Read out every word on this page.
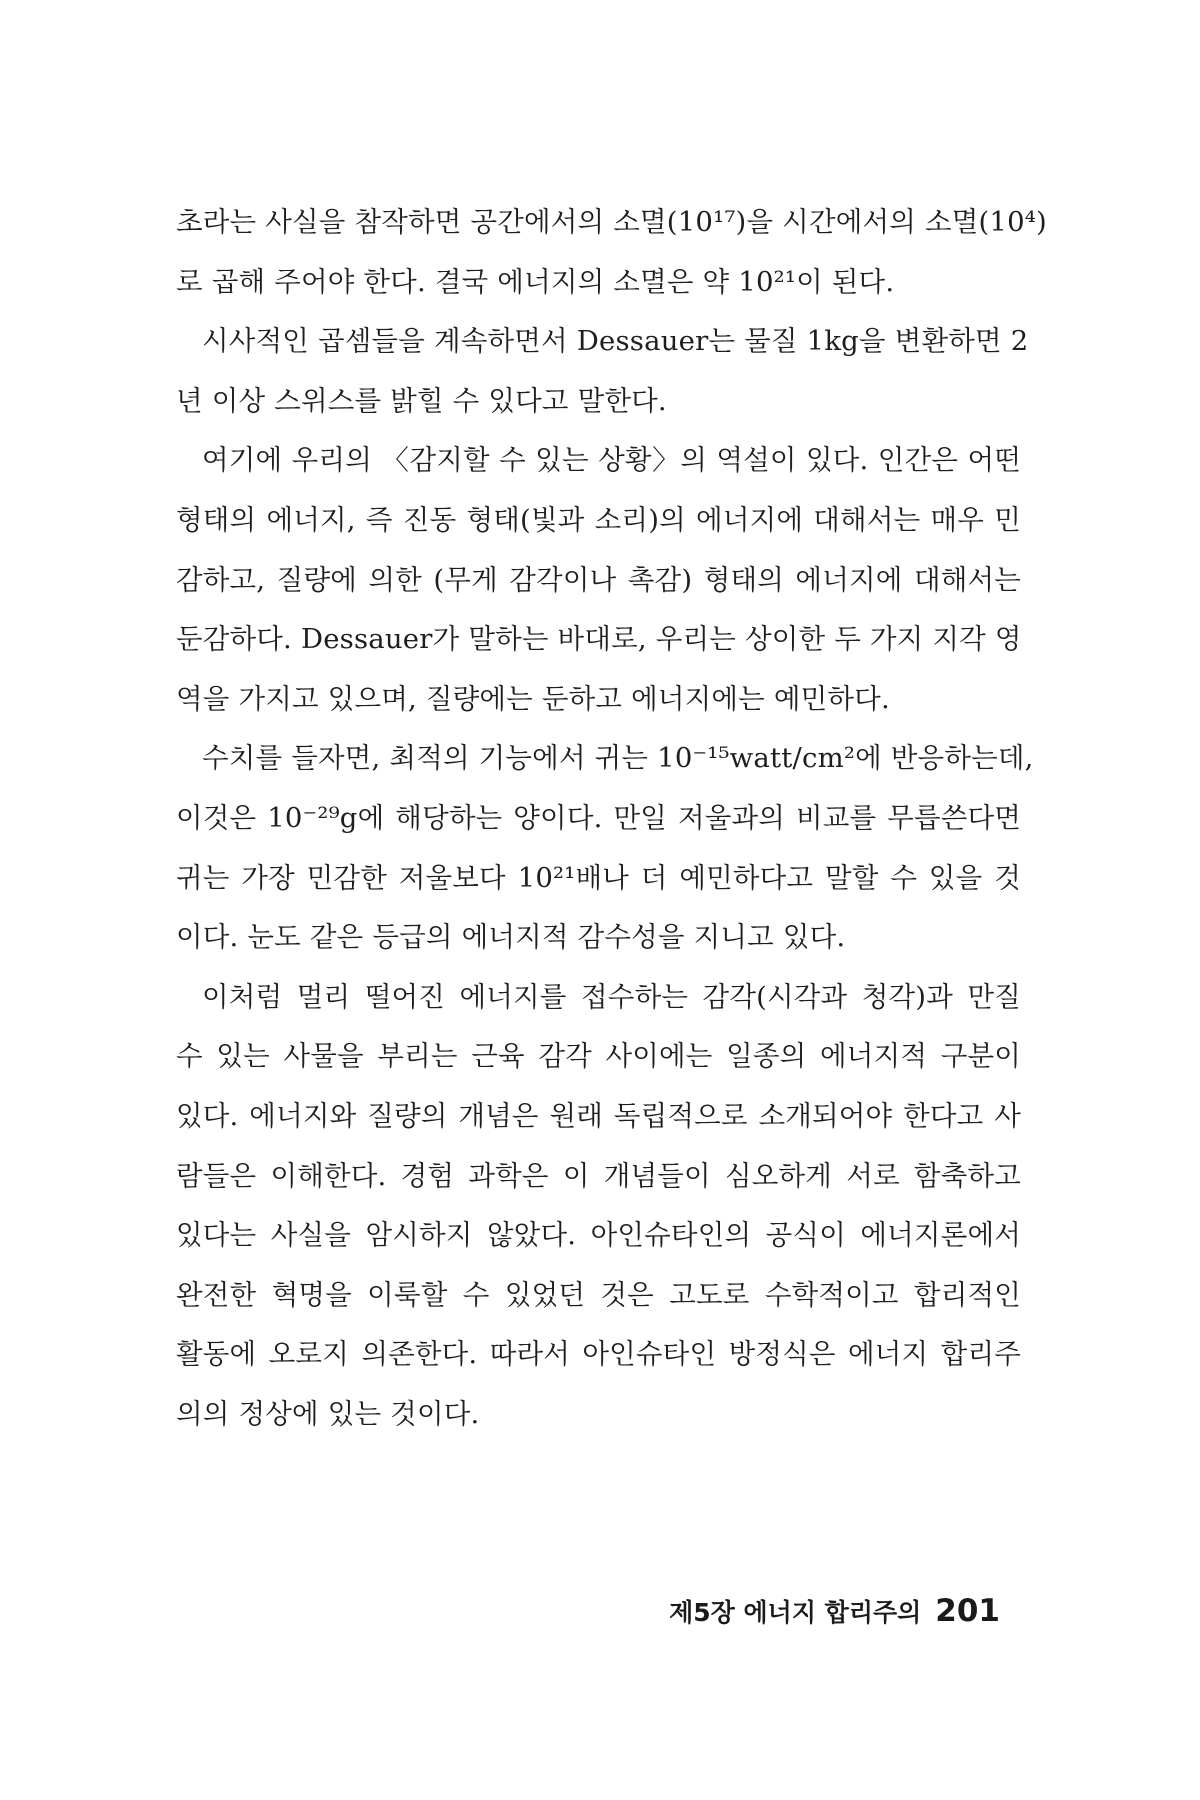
초라는 사실을 참작하면 공간에서의 소멸(10¹⁷)을 시간에서의 소멸(10⁴)
로 곱해 주어야 한다. 결국 에너지의 소멸은 약 10²¹이 된다.
시사적인 곱셈들을 계속하면서 Dessauer는 물질 1kg을 변환하면 2
년 이상 스위스를 밝힐 수 있다고 말한다.
여기에 우리의 〈감지할 수 있는 상황〉의 역설이 있다. 인간은 어떤
형태의 에너지, 즉 진동 형태(빛과 소리)의 에너지에 대해서는 매우 민
감하고, 질량에 의한 (무게 감각이나 촉감) 형태의 에너지에 대해서는
둔감하다. Dessauer가 말하는 바대로, 우리는 상이한 두 가지 지각 영
역을 가지고 있으며, 질량에는 둔하고 에너지에는 예민하다.
수치를 들자면, 최적의 기능에서 귀는 10⁻¹⁵watt/cm²에 반응하는데,
이것은 10⁻²⁹g에 해당하는 양이다. 만일 저울과의 비교를 무릅쓴다면
귀는 가장 민감한 저울보다 10²¹배나 더 예민하다고 말할 수 있을 것
이다. 눈도 같은 등급의 에너지적 감수성을 지니고 있다.
이처럼 멀리 떨어진 에너지를 접수하는 감각(시각과 청각)과 만질
수 있는 사물을 부리는 근육 감각 사이에는 일종의 에너지적 구분이
있다. 에너지와 질량의 개념은 원래 독립적으로 소개되어야 한다고 사
람들은 이해한다. 경험 과학은 이 개념들이 심오하게 서로 함축하고
있다는 사실을 암시하지 않았다. 아인슈타인의 공식이 에너지론에서
완전한 혁명을 이룩할 수 있었던 것은 고도로 수학적이고 합리적인
활동에 오로지 의존한다. 따라서 아인슈타인 방정식은 에너지 합리주
의의 정상에 있는 것이다.
제5장 에너지 합리주의 201
